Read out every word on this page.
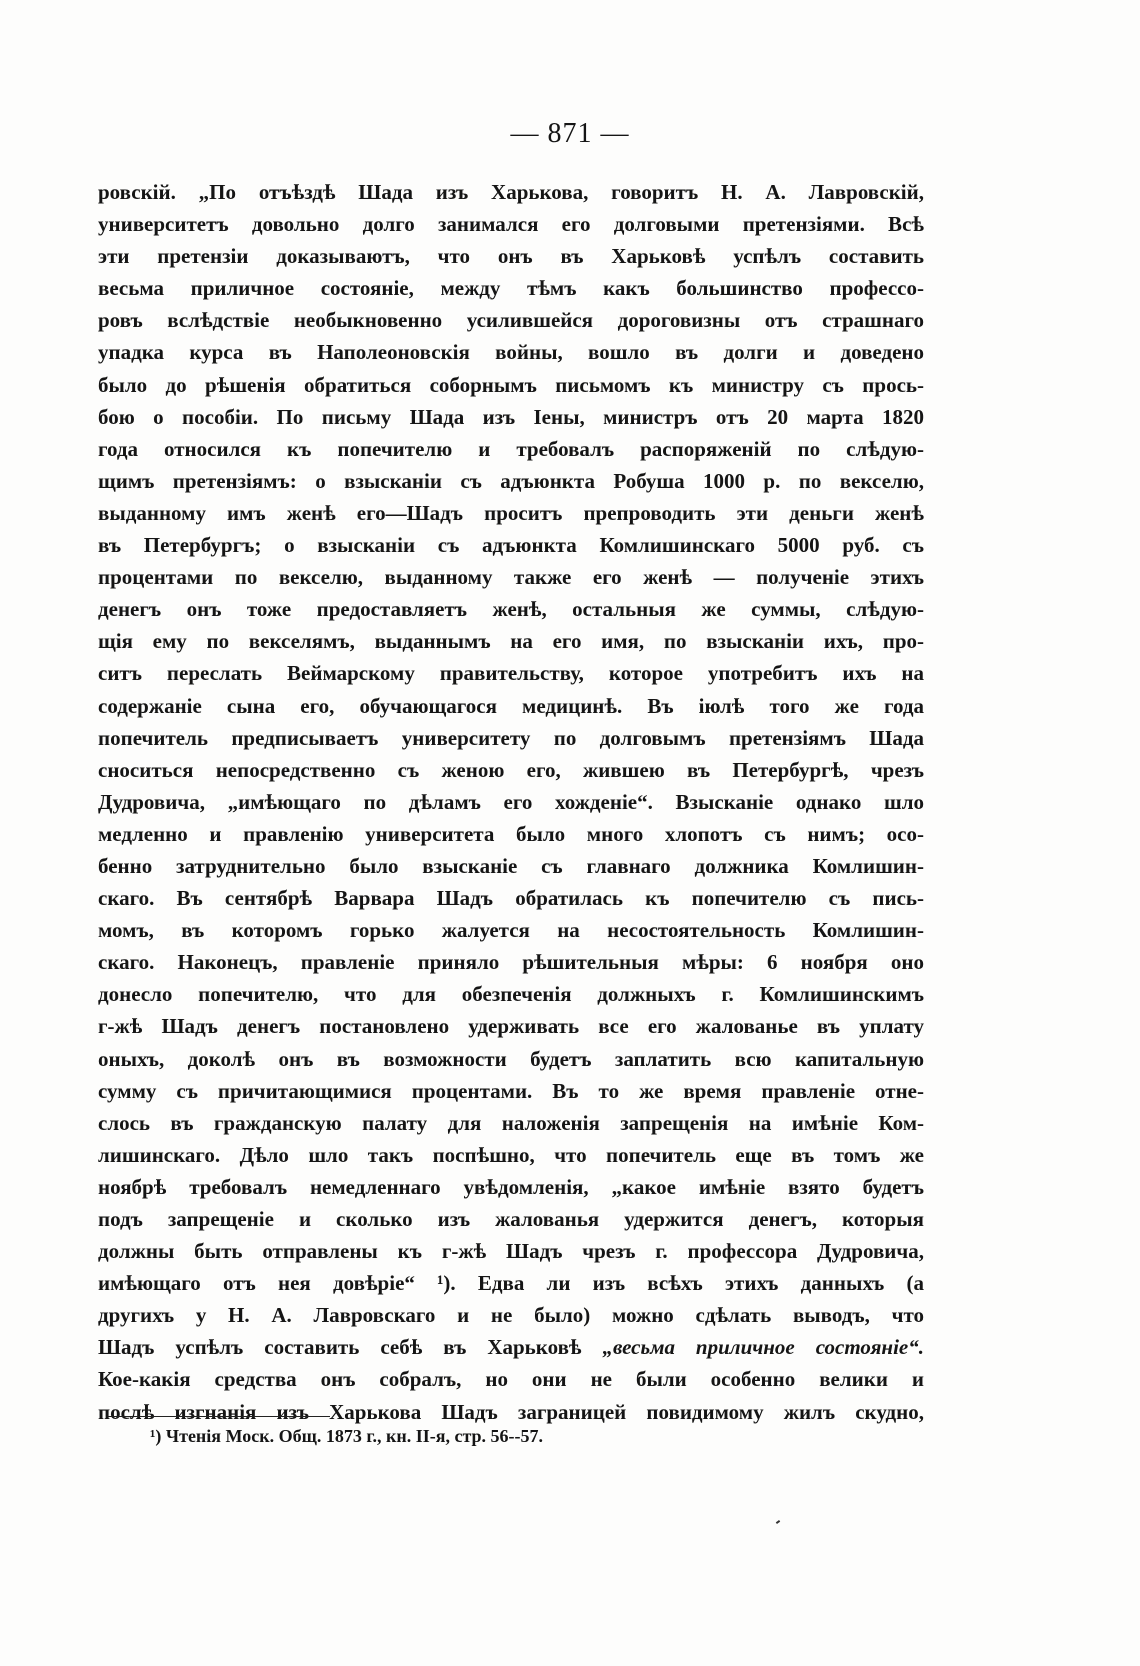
— 871 —
ровскій. „По отъѣздѣ Шада изъ Харькова, говоритъ Н. А. Лавровскій,
университетъ довольно долго занимался его долговыми претензіями. Всѣ
эти претензіи доказываютъ, что онъ въ Харьковѣ успѣлъ составить
весьма приличное состояніе, между тѣмъ какъ большинство профессо-
ровъ вслѣдствіе необыкновенно усилившейся дороговизны отъ страшнаго
упадка курса въ Наполеоновскія войны, вошло въ долги и доведено
было до рѣшенія обратиться соборнымъ письмомъ къ министру съ прось-
бою о пособіи. По письму Шада изъ Іены, министръ отъ 20 марта 1820
года относился къ попечителю и требовалъ распоряженій по слѣдую-
щимъ претензіямъ: о взысканіи съ адъюнкта Робуша 1000 р. по векселю,
выданному имъ женѣ его—Шадъ проситъ препроводить эти деньги женѣ
въ Петербургъ; о взысканіи съ адъюнкта Комлишинскаго 5000 руб. съ
процентами по векселю, выданному также его женѣ — полученіе этихъ
денегъ онъ тоже предоставляетъ женѣ, остальныя же суммы, слѣдую-
щія ему по векселямъ, выданнымъ на его имя, по взысканіи ихъ, про-
ситъ переслать Веймарскому правительству, которое употребитъ ихъ на
содержаніе сына его, обучающагося медицинѣ. Въ іюлѣ того же года
попечитель предписываетъ университету по долговымъ претензіямъ Шада
сноситься непосредственно съ женою его, жившею въ Петербургѣ, чрезъ
Дудровича, „имѣющаго по дѣламъ его хожденіе“. Взысканіе однако шло
медленно и правленію университета было много хлопотъ съ нимъ; осо-
бенно затруднительно было взысканіе съ главнаго должника Комлишин-
скаго. Въ сентябрѣ Варвара Шадъ обратилась къ попечителю съ пись-
момъ, въ которомъ горько жалуется на несостоятельность Комлишин-
скаго. Наконецъ, правленіе приняло рѣшительныя мѣры: 6 ноября оно
донесло попечителю, что для обезпеченія должныхъ г. Комлишинскимъ
г-жѣ Шадъ денегъ постановлено удерживать все его жалованье въ уплату
оныхъ, доколѣ онъ въ возможности будетъ заплатить всю капитальную
сумму съ причитающимися процентами. Въ то же время правленіе отне-
слось въ гражданскую палату для наложенія запрещенія на имѣніе Ком-
лишинскаго. Дѣло шло такъ поспѣшно, что попечитель еще въ томъ же
ноябрѣ требовалъ немедленнаго увѣдомленія, „какое имѣніе взято будетъ
подъ запрещеніе и сколько изъ жалованья удержится денегъ, которыя
должны быть отправлены къ г-жѣ Шадъ чрезъ г. профессора Дудровича,
имѣющаго отъ нея довѣріе“ ¹). Едва ли изъ всѣхъ этихъ данныхъ (а
другихъ у Н. А. Лавровскаго и не было) можно сдѣлать выводъ, что
Шадъ успѣлъ составить себѣ въ Харьковѣ „весьма приличное состояніе“.
Кое-какія средства онъ собралъ, но они не были особенно велики и
послѣ изгнанія изъ Харькова Шадъ заграницей повидимому жилъ скудно,
¹) Чтенія Моск. Общ. 1873 г., кн. II-я, стр. 56--57.
